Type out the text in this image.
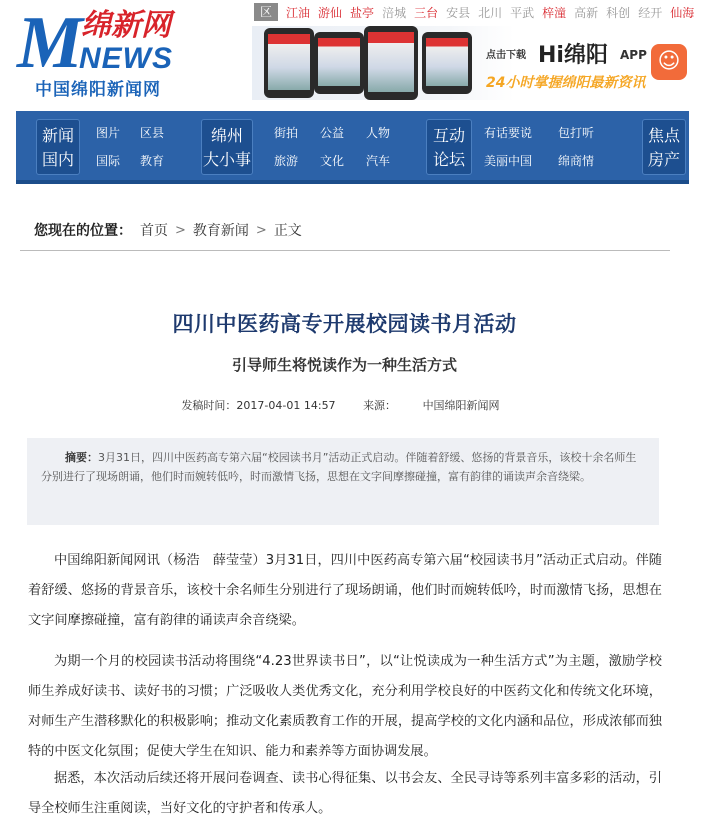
M 绵新网
NEWS
中国绵阳新闻网
区	江油 游仙 盐亭 涪城 三台 安县 北川 平武 梓潼 高新 科创 经开 仙海
点击下载 Hi绵阳 APP
24小时掌握绵阳最新资讯
☺
新闻
国内
图片 区县
国际 教育
绵州
大小事
街拍 公益 人物
旅游 文化 汽车
互动
论坛
有话要说 包打听
美丽中国 绵商情
焦点
房产
您现在的位置： 首页 > 教育新闻 > 正文
四川中医药高专开展校园读书月活动
引导师生将悦读作为一种生活方式
发稿时间：2017-04-01 14:57	来源： 中国绵阳新闻网
摘要：3月31日，四川中医药高专第六届“校园读书月”活动正式启动。伴随着舒缓、悠扬的背景音乐，该校十余名师生分别进行了现场朗诵，他们时而婉转低吟，时而激情飞扬，思想在文字间摩擦碰撞，富有韵律的诵读声余音绕梁。

中国绵阳新闻网讯（杨浩　薛莹莹）3月31日，四川中医药高专第六届“校园读书月”活动正式启动。伴随着舒缓、悠扬的背景音乐，该校十余名师生分别进行了现场朗诵，他们时而婉转低吟，时而激情飞扬，思想在文字间摩擦碰撞，富有韵律的诵读声余音绕梁。

为期一个月的校园读书活动将围绕“4.23世界读书日”，以“让悦读成为一种生活方式”为主题，激励学校师生养成好读书、读好书的习惯；广泛吸收人类优秀文化，充分利用学校良好的中医药文化和传统文化环境，对师生产生潜移默化的积极影响；推动文化素质教育工作的开展，提高学校的文化内涵和品位，形成浓郁而独特的中医文化氛围；促使大学生在知识、能力和素养等方面协调发展。

据悉，本次活动后续还将开展问卷调查、读书心得征集、以书会友、全民寻诗等系列丰富多彩的活动，引导全校师生注重阅读，当好文化的守护者和传承人。
